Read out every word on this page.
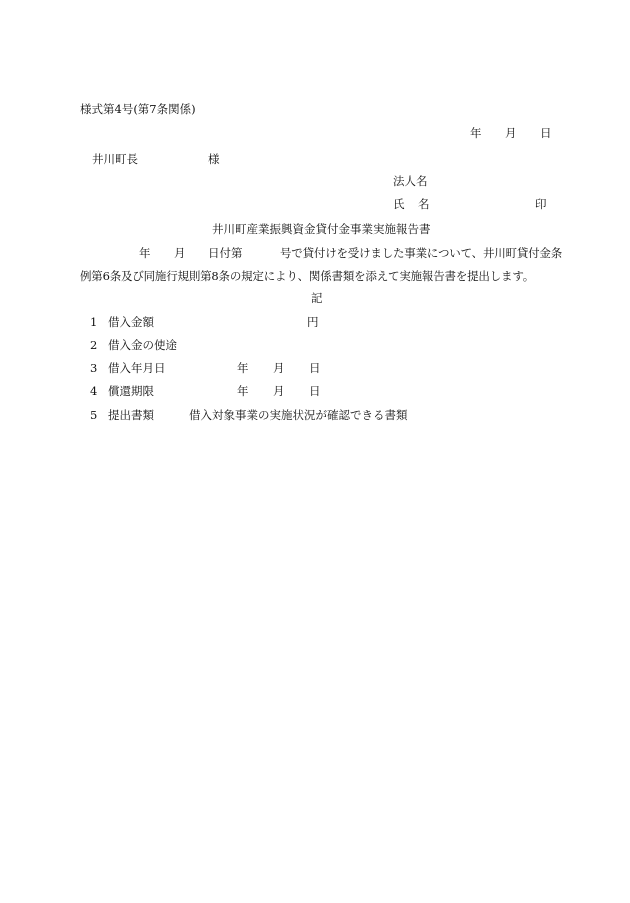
様式第4号(第7条関係)
年 月 日
井川町長	様
法人名
氏 名	印
井川町産業振興資金貸付金事業実施報告書
年 月 日付第	号で貸付けを受けました事業について、井川町貸付金条
例第6条及び同施行規則第8条の規定により、関係書類を添えて実施報告書を提出します。
記
1 借入金額	円
2 借入金の使途
3 借入年月日	年 月 日
4 償還期限	年 月 日
5 提出書類	借入対象事業の実施状況が確認できる書類
